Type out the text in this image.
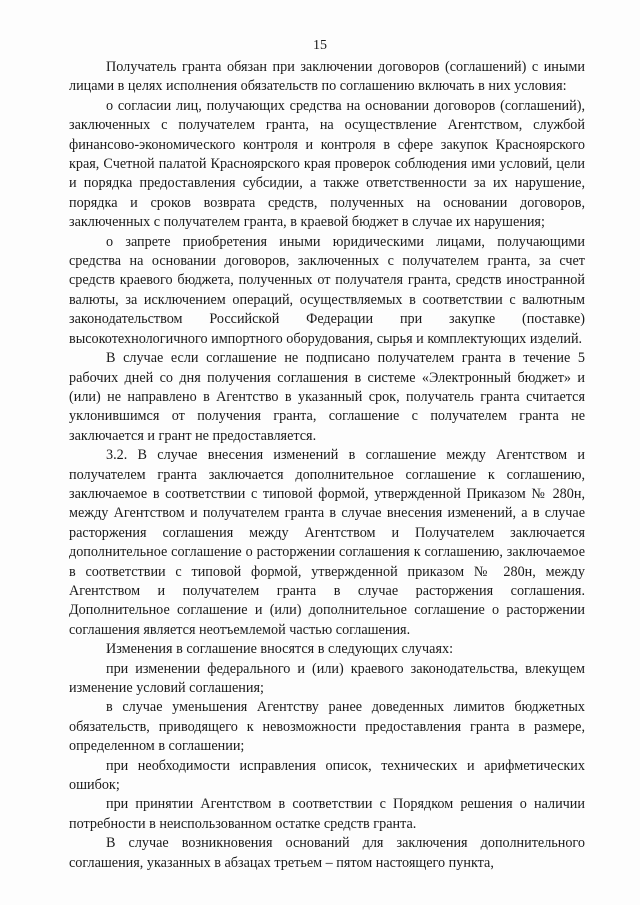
15

Получатель гранта обязан при заключении договоров (соглашений) с иными лицами в целях исполнения обязательств по соглашению включать в них условия:

о согласии лиц, получающих средства на основании договоров (соглашений), заключенных с получателем гранта, на осуществление Агентством, службой финансово-экономического контроля и контроля в сфере закупок Красноярского края, Счетной палатой Красноярского края проверок соблюдения ими условий, цели и порядка предоставления субсидии, а также ответственности за их нарушение, порядка и сроков возврата средств, полученных на основании договоров, заключенных с получателем гранта, в краевой бюджет в случае их нарушения;

о запрете приобретения иными юридическими лицами, получающими средства на основании договоров, заключенных с получателем гранта, за счет средств краевого бюджета, полученных от получателя гранта, средств иностранной валюты, за исключением операций, осуществляемых в соответствии с валютным законодательством Российской Федерации при закупке (поставке) высокотехнологичного импортного оборудования, сырья и комплектующих изделий.

В случае если соглашение не подписано получателем гранта в течение 5 рабочих дней со дня получения соглашения в системе «Электронный бюджет» и (или) не направлено в Агентство в указанный срок, получатель гранта считается уклонившимся от получения гранта, соглашение с получателем гранта не заключается и грант не предоставляется.

3.2. В случае внесения изменений в соглашение между Агентством и получателем гранта заключается дополнительное соглашение к соглашению, заключаемое в соответствии с типовой формой, утвержденной Приказом № 280н, между Агентством и получателем гранта в случае внесения изменений, а в случае расторжения соглашения между Агентством и Получателем заключается дополнительное соглашение о расторжении соглашения к соглашению, заключаемое в соответствии с типовой формой, утвержденной приказом № 280н, между Агентством и получателем гранта в случае расторжения соглашения. Дополнительное соглашение и (или) дополнительное соглашение о расторжении соглашения является неотъемлемой частью соглашения.

Изменения в соглашение вносятся в следующих случаях:

при изменении федерального и (или) краевого законодательства, влекущем изменение условий соглашения;

в случае уменьшения Агентству ранее доведенных лимитов бюджетных обязательств, приводящего к невозможности предоставления гранта в размере, определенном в соглашении;

при необходимости исправления описок, технических и арифметических ошибок;

при принятии Агентством в соответствии с Порядком решения о наличии потребности в неиспользованном остатке средств гранта.

В случае возникновения оснований для заключения дополнительного соглашения, указанных в абзацах третьем – пятом настоящего пункта,
